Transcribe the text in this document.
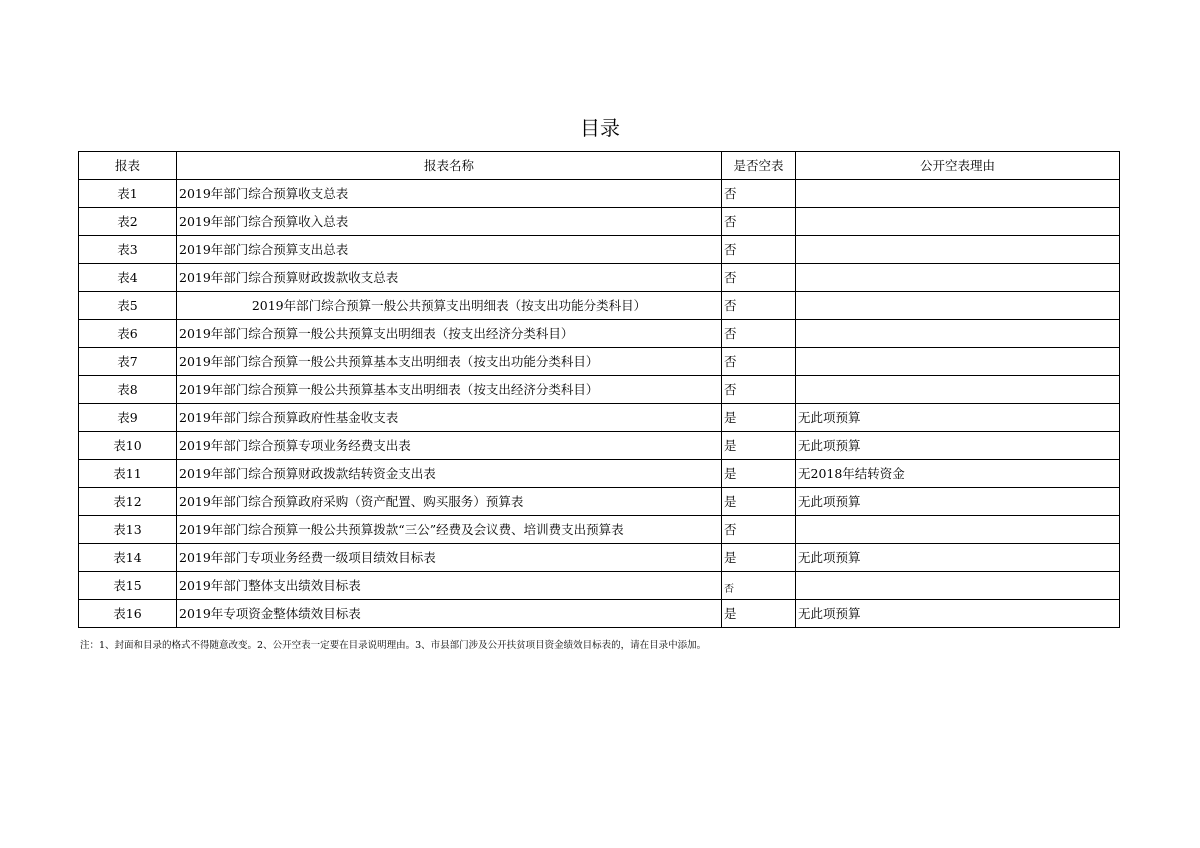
目录
报表	报表名称	是否空表	公开空表理由
表1	2019年部门综合预算收支总表	否	
表2	2019年部门综合预算收入总表	否	
表3	2019年部门综合预算支出总表	否	
表4	2019年部门综合预算财政拨款收支总表	否	
表5	2019年部门综合预算一般公共预算支出明细表（按支出功能分类科目）	否	
表6	2019年部门综合预算一般公共预算支出明细表（按支出经济分类科目）	否	
表7	2019年部门综合预算一般公共预算基本支出明细表（按支出功能分类科目）	否	
表8	2019年部门综合预算一般公共预算基本支出明细表（按支出经济分类科目）	否	
表9	2019年部门综合预算政府性基金收支表	是	无此项预算
表10	2019年部门综合预算专项业务经费支出表	是	无此项预算
表11	2019年部门综合预算财政拨款结转资金支出表	是	无2018年结转资金
表12	2019年部门综合预算政府采购（资产配置、购买服务）预算表	是	无此项预算
表13	2019年部门综合预算一般公共预算拨款“三公”经费及会议费、培训费支出预算表	否	
表14	2019年部门专项业务经费一级项目绩效目标表	是	无此项预算
表15	2019年部门整体支出绩效目标表	否	
表16	2019年专项资金整体绩效目标表	是	无此项预算
注：1、封面和目录的格式不得随意改变。2、公开空表一定要在目录说明理由。3、市县部门涉及公开扶贫项目资金绩效目标表的，请在目录中添加。
